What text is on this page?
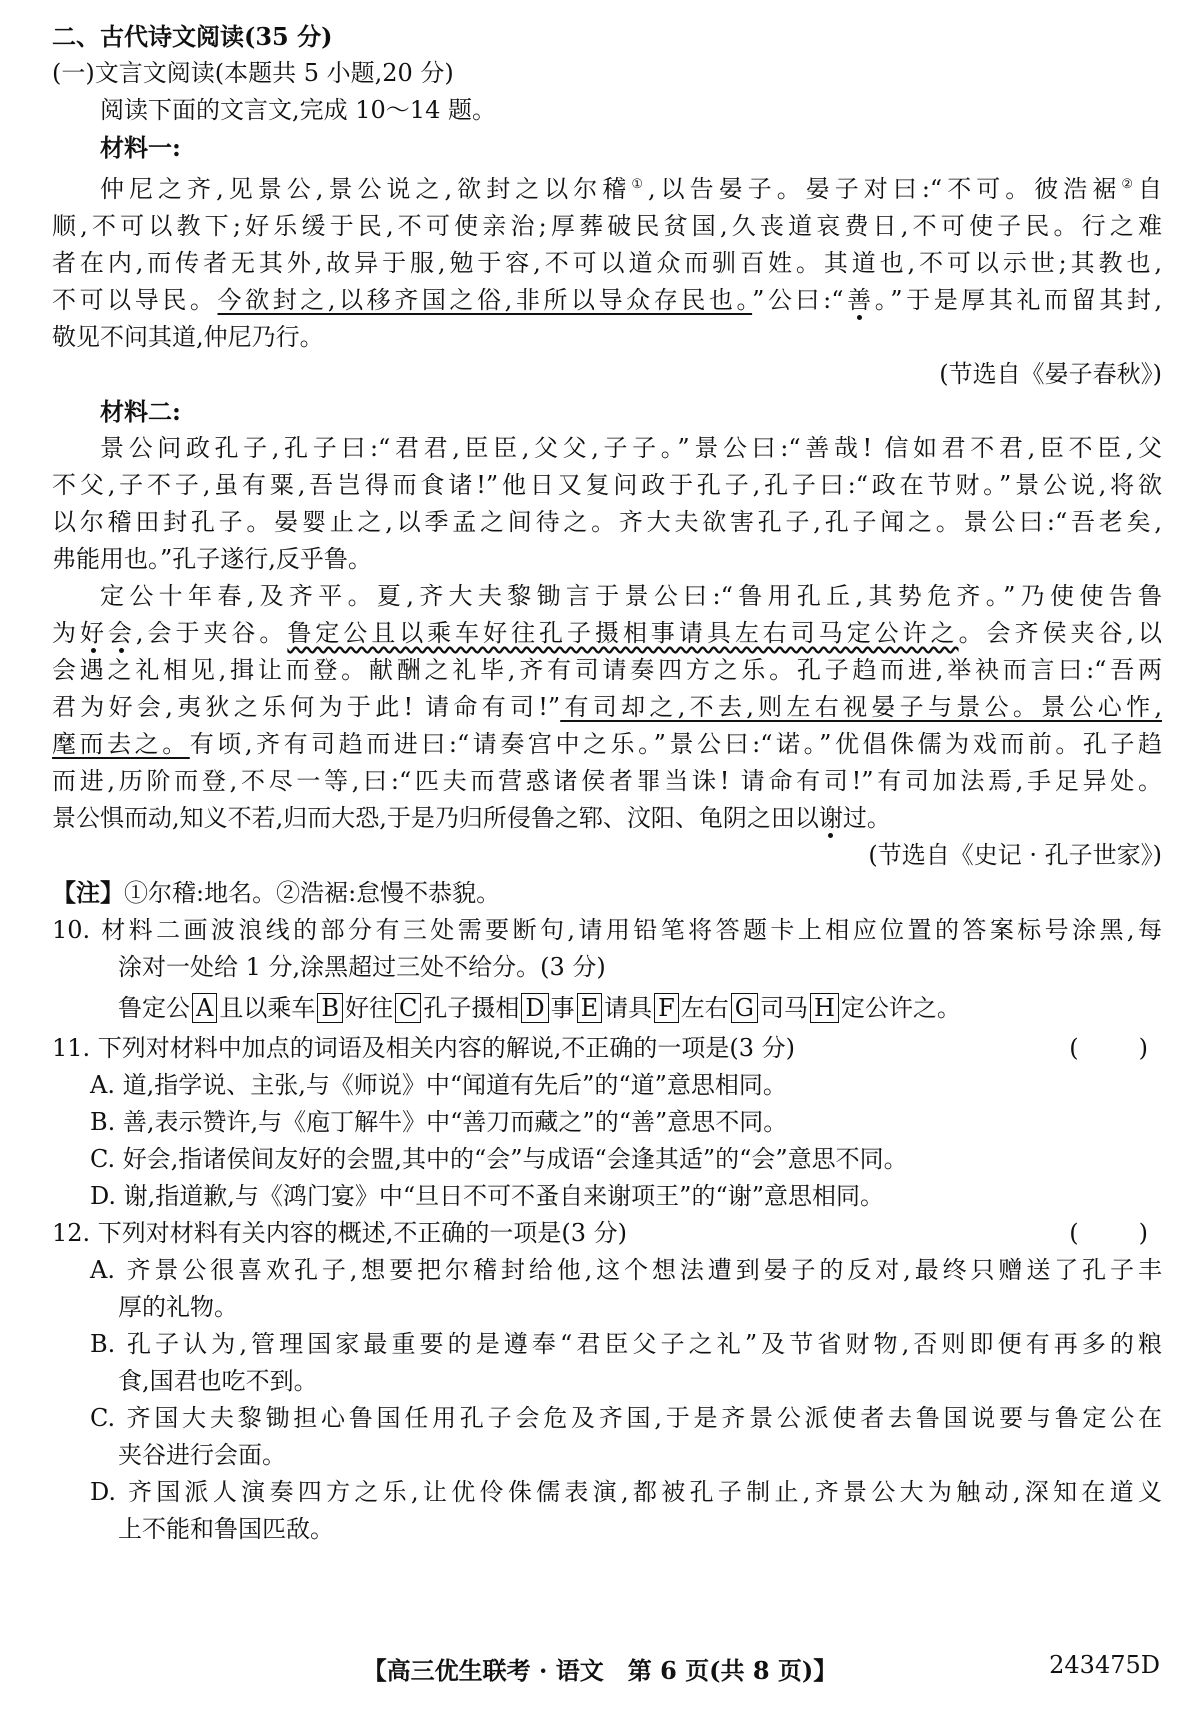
二、古代诗文阅读(35 分)
(一)文言文阅读(本题共 5 小题,20 分)
阅读下面的文言文,完成 10～14 题。
材料一:
仲尼之齐,见景公,景公说之,欲封之以尔稽①,以告晏子。晏子对曰:“不可。彼浩裾②自
顺,不可以教下;好乐缓于民,不可使亲治;厚葬破民贫国,久丧道哀费日,不可使子民。行之难
者在内,而传者无其外,故异于服,勉于容,不可以道众而驯百姓。其道也,不可以示世;其教也,
不可以导民。今欲封之,以移齐国之俗,非所以导众存民也。”公曰:“善。”于是厚其礼而留其封,
敬见不问其道,仲尼乃行。
(节选自《晏子春秋》)
材料二:
景公问政孔子,孔子曰:“君君,臣臣,父父,子子。”景公曰:“善哉! 信如君不君,臣不臣,父
不父,子不子,虽有粟,吾岂得而食诸!”他日又复问政于孔子,孔子曰:“政在节财。”景公说,将欲
以尔稽田封孔子。晏婴止之,以季孟之间待之。齐大夫欲害孔子,孔子闻之。景公曰:“吾老矣,
弗能用也。”孔子遂行,反乎鲁。
定公十年春,及齐平。夏,齐大夫黎锄言于景公曰:“鲁用孔丘,其势危齐。”乃使使告鲁
为好会,会于夹谷。鲁定公且以乘车好往孔子摄相事请具左右司马定公许之。会齐侯夹谷,以
会遇之礼相见,揖让而登。献酬之礼毕,齐有司请奏四方之乐。孔子趋而进,举袂而言曰:“吾两
君为好会,夷狄之乐何为于此! 请命有司!”有司却之,不去,则左右视晏子与景公。景公心怍,
麾而去之。有顷,齐有司趋而进曰:“请奏宫中之乐。”景公曰:“诺。”优倡侏儒为戏而前。孔子趋
而进,历阶而登,不尽一等,曰:“匹夫而营惑诸侯者罪当诛! 请命有司!”有司加法焉,手足异处。
景公惧而动,知义不若,归而大恐,于是乃归所侵鲁之郓、汶阳、龟阴之田以谢过。
(节选自《史记 · 孔子世家》)
【注】①尔稽:地名。②浩裾:怠慢不恭貌。
10. 材料二画波浪线的部分有三处需要断句,请用铅笔将答题卡上相应位置的答案标号涂黑,每
涂对一处给 1 分,涂黑超过三处不给分。(3 分)
鲁定公 A 且以乘车 B 好往 C 孔子摄相 D 事 E 请具 F 左右 G 司马 H 定公许之。
11. 下列对材料中加点的词语及相关内容的解说,不正确的一项是(3 分)	(　　)
A. 道,指学说、主张,与《师说》中“闻道有先后”的“道”意思相同。
B. 善,表示赞许,与《庖丁解牛》中“善刀而藏之”的“善”意思不同。
C. 好会,指诸侯间友好的会盟,其中的“会”与成语“会逢其适”的“会”意思不同。
D. 谢,指道歉,与《鸿门宴》中“旦日不可不蚤自来谢项王”的“谢”意思相同。
12. 下列对材料有关内容的概述,不正确的一项是(3 分)	(　　)
A. 齐景公很喜欢孔子,想要把尔稽封给他,这个想法遭到晏子的反对,最终只赠送了孔子丰
厚的礼物。
B. 孔子认为,管理国家最重要的是遵奉“君臣父子之礼”及节省财物,否则即便有再多的粮
食,国君也吃不到。
C. 齐国大夫黎锄担心鲁国任用孔子会危及齐国,于是齐景公派使者去鲁国说要与鲁定公在
夹谷进行会面。
D. 齐国派人演奏四方之乐,让优伶侏儒表演,都被孔子制止,齐景公大为触动,深知在道义
上不能和鲁国匹敌。
【高三优生联考 · 语文　第 6 页(共 8 页)】	243475D
